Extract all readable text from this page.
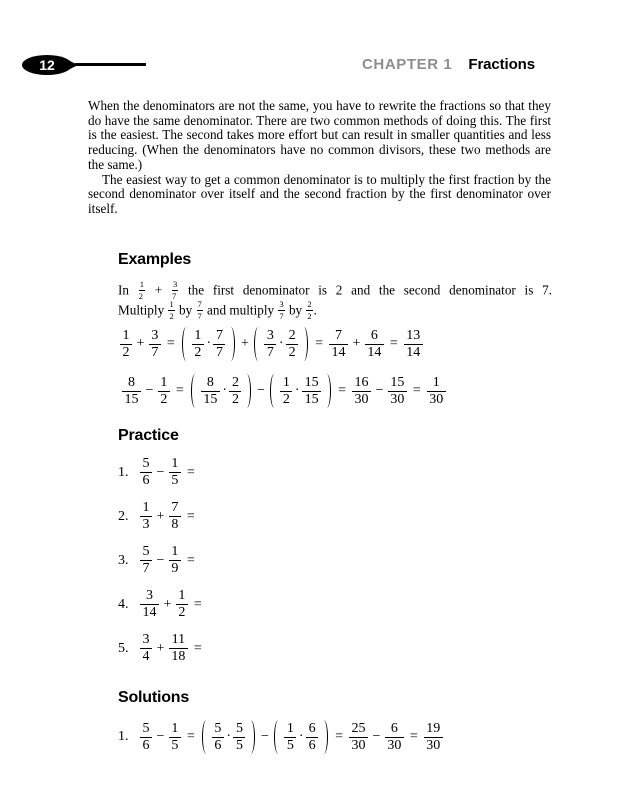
12	CHAPTER 1 Fractions

When the denominators are not the same, you have to rewrite the fractions so that they do have the same denominator. There are two common methods of doing this. The first is the easiest. The second takes more effort but can result in smaller quantities and less reducing. (When the denominators have no common divisors, these two methods are the same.)

The easiest way to get a common denominator is to multiply the first fraction by the second denominator over itself and the second fraction by the first denominator over itself.

Examples
In $\frac{1}{2} + \frac{3}{7}$ the first denominator is 2 and the second denominator is 7.
Multiply $\frac{1}{2}$ by $\frac{7}{7}$ and multiply $\frac{3}{7}$ by $\frac{2}{2}$ .
$\frac{1}{2} + \frac{3}{7} = \frac{1}{2} \cdot \frac{7}{7} + \frac{3}{7} \cdot \frac{2}{2} = \frac{7}{14} + \frac{6}{14} = \frac{13}{14}$
$\frac{8}{15} - \frac{1}{2} = \frac{8}{15} \cdot \frac{2}{2} - \frac{1}{2} \cdot \frac{15}{15} = \frac{16}{30} - \frac{15}{30} = \frac{1}{30}$
Practice
1. $\frac{5}{6} - \frac{1}{5}$ =
2. $\frac{1}{3} + \frac{7}{8}$ =
3. $\frac{5}{7} - \frac{1}{9}$ =
4. $\frac{3}{14} + \frac{1}{2}$ =
5. $\frac{3}{4} + \frac{11}{18}$ =
Solutions
1. $\frac{5}{6} - \frac{1}{5} = \frac{5}{6} \cdot \frac{5}{5} - \frac{1}{5} \cdot \frac{6}{6} = \frac{25}{30} - \frac{6}{30} = \frac{19}{30}$
